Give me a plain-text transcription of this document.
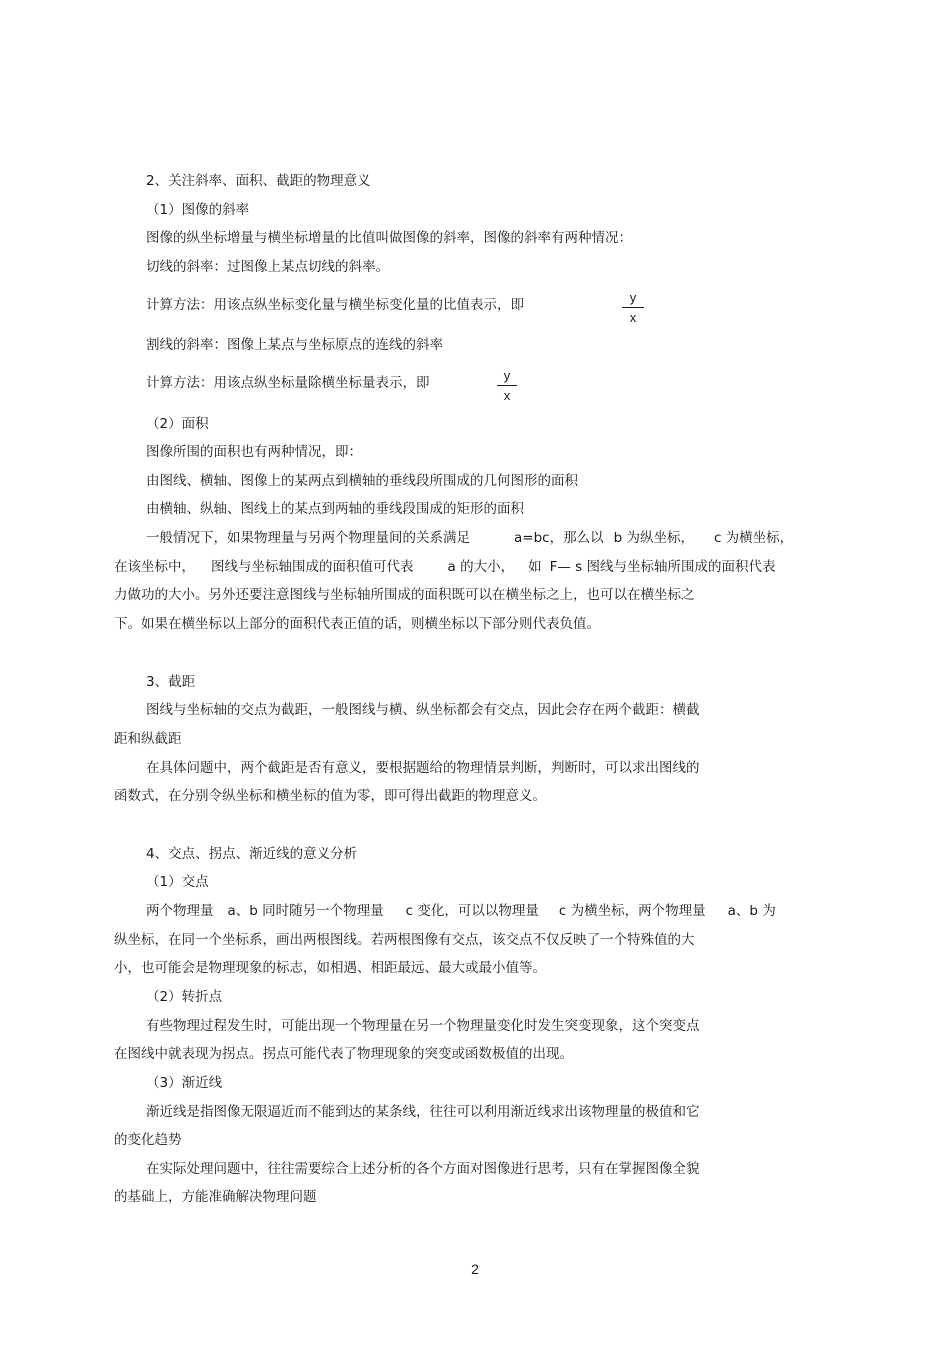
2、关注斜率、面积、截距的物理意义
（1）图像的斜率
图像的纵坐标增量与横坐标增量的比值叫做图像的斜率，图像的斜率有两种情况：
切线的斜率：过图像上某点切线的斜率。
计算方法：用该点纵坐标变化量与横坐标变化量的比值表示，即	y
x
割线的斜率：图像上某点与坐标原点的连线的斜率
计算方法：用该点纵坐标量除横坐标量表示，即	y
x
（2）面积
图像所围的面积也有两种情况，即：
由图线、横轴、图像上的某两点到横轴的垂线段所围成的几何图形的面积
由横轴、纵轴、图线上的某点到两轴的垂线段围成的矩形的面积
一般情况下，如果物理量与另两个物理量间的关系满足	a=bc，那么以 b 为纵坐标， c 为横坐标，
在该坐标中， 图线与坐标轴围成的面积值可代表	a 的大小， 如 F— s 图线与坐标轴所围成的面积代表
力做功的大小。另外还要注意图线与坐标轴所围成的面积既可以在横坐标之上，也可以在横坐标之
下。如果在横坐标以上部分的面积代表正值的话，则横坐标以下部分则代表负值。
3、截距
图线与坐标轴的交点为截距，一般图线与横、纵坐标都会有交点，因此会存在两个截距：横截
距和纵截距
在具体问题中，两个截距是否有意义，要根据题给的物理情景判断，判断时，可以求出图线的
函数式，在分别令纵坐标和横坐标的值为零，即可得出截距的物理意义。
4、交点、拐点、渐近线的意义分析
（1）交点
两个物理量 a、b 同时随另一个物理量 c 变化，可以以物理量 c 为横坐标，两个物理量 a、b 为
纵坐标，在同一个坐标系，画出两根图线。若两根图像有交点，该交点不仅反映了一个特殊值的大
小，也可能会是物理现象的标志，如相遇、相距最远、最大或最小值等。
（2）转折点
有些物理过程发生时，可能出现一个物理量在另一个物理量变化时发生突变现象，这个突变点
在图线中就表现为拐点。拐点可能代表了物理现象的突变或函数极值的出现。
（3）渐近线
渐近线是指图像无限逼近而不能到达的某条线，往往可以利用渐近线求出该物理量的极值和它
的变化趋势
在实际处理问题中，往往需要综合上述分析的各个方面对图像进行思考，只有在掌握图像全貌
的基础上，方能准确解决物理问题
2
